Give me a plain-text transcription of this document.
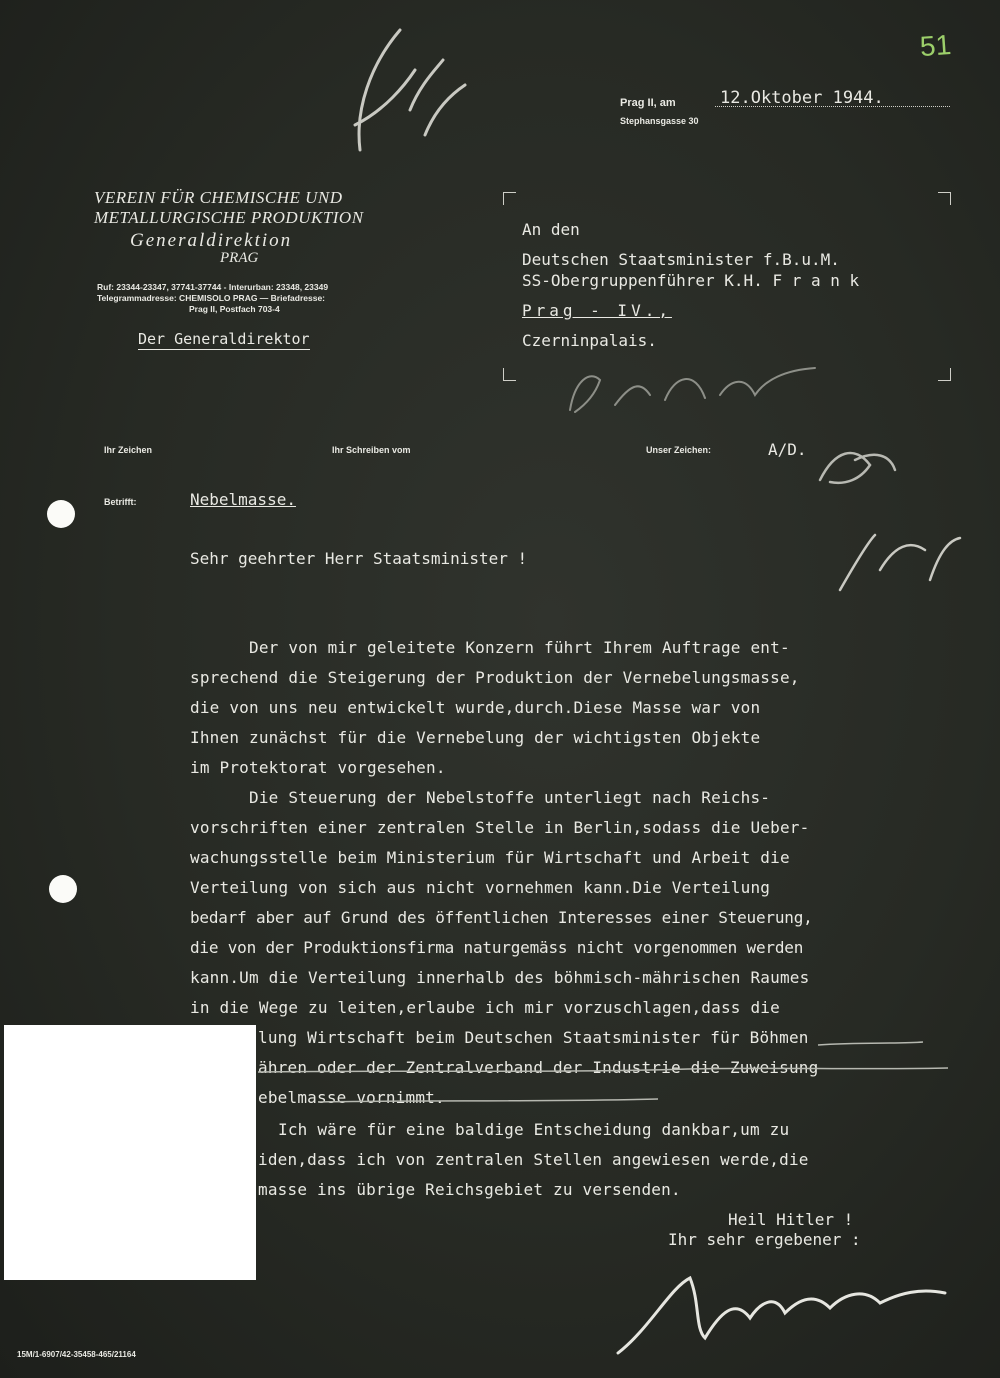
51
Prag II, am
Stephansgasse 30
12.Oktober 1944.
VEREIN FÜR CHEMISCHE UND
METALLURGISCHE PRODUKTION
Generaldirektion
PRAG
Ruf: 23344-23347, 37741-37744 - Interurban: 23348, 23349
Telegrammadresse: CHEMISOLO PRAG — Briefadresse:
Prag II, Postfach 703-4
Der Generaldirektor
An den
Deutschen Staatsminister f.B.u.M.
SS-Obergruppenführer K.H. F r a n k
Prag - IV.,
Czerninpalais.
Ihr Zeichen	Ihr Schreiben vom	Unser Zeichen:	A/D.
Betrifft:	Nebelmasse.
Sehr geehrter Herr Staatsminister !
Der von mir geleitete Konzern führt Ihrem Auftrage ent-
sprechend die Steigerung der Produktion der Vernebelungsmasse,
die von uns neu entwickelt wurde,durch.Diese Masse war von
Ihnen zunächst für die Vernebelung der wichtigsten Objekte
im Protektorat vorgesehen.
Die Steuerung der Nebelstoffe unterliegt nach Reichs-
vorschriften einer zentralen Stelle in Berlin,sodass die Ueber-
wachungsstelle beim Ministerium für Wirtschaft und Arbeit die
Verteilung von sich aus nicht vornehmen kann.Die Verteilung
bedarf aber auf Grund des öffentlichen Interesses einer Steuerung,
die von der Produktionsfirma naturgemäss nicht vorgenommen werden
kann.Um die Verteilung innerhalb des böhmisch-mährischen Raumes
in die Wege zu leiten,erlaube ich mir vorzuschlagen,dass die
lung Wirtschaft beim Deutschen Staatsminister für Böhmen
ähren oder der Zentralverband der Industrie die Zuweisung
ebelmasse vornimmt.
Ich wäre für eine baldige Entscheidung dankbar,um zu
iden,dass ich von zentralen Stellen angewiesen werde,die
masse ins übrige Reichsgebiet zu versenden.
Heil Hitler !
Ihr sehr ergebener :
15M/1-6907/42-35458-465/21164
